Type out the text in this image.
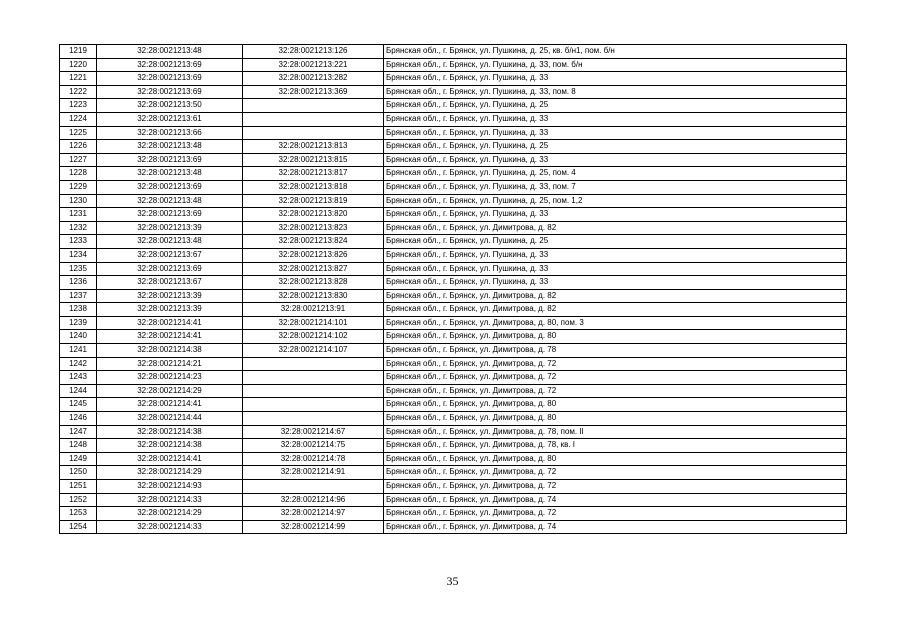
1219	32:28:0021213:48	32:28:0021213:126	Брянская обл., г. Брянск, ул. Пушкина, д. 25, кв. б/н1, пом. б/н
1220	32:28:0021213:69	32:28:0021213:221	Брянская обл., г. Брянск, ул. Пушкина, д. 33, пом. б/н
1221	32:28:0021213:69	32:28:0021213:282	Брянская обл., г. Брянск, ул. Пушкина, д. 33
1222	32:28:0021213:69	32:28:0021213:369	Брянская обл., г. Брянск, ул. Пушкина, д. 33, пом. 8
1223	32:28:0021213:50		Брянская обл., г. Брянск, ул. Пушкина, д. 25
1224	32:28:0021213:61		Брянская обл., г. Брянск, ул. Пушкина, д. 33
1225	32:28:0021213:66		Брянская обл., г. Брянск, ул. Пушкина, д. 33
1226	32:28:0021213:48	32:28:0021213:813	Брянская обл., г. Брянск, ул. Пушкина, д. 25
1227	32:28:0021213:69	32:28:0021213:815	Брянская обл., г. Брянск, ул. Пушкина, д. 33
1228	32:28:0021213:48	32:28:0021213:817	Брянская обл., г. Брянск, ул. Пушкина, д. 25, пом. 4
1229	32:28:0021213:69	32:28:0021213:818	Брянская обл., г. Брянск, ул. Пушкина, д. 33, пом. 7
1230	32:28:0021213:48	32:28:0021213:819	Брянская обл., г. Брянск, ул. Пушкина, д. 25, пом. 1,2
1231	32:28:0021213:69	32:28:0021213:820	Брянская обл., г. Брянск, ул. Пушкина, д. 33
1232	32:28:0021213:39	32:28:0021213:823	Брянская обл., г. Брянск, ул. Димитрова, д. 82
1233	32:28:0021213:48	32:28:0021213:824	Брянская обл., г. Брянск, ул. Пушкина, д. 25
1234	32:28:0021213:67	32:28:0021213:826	Брянская обл., г. Брянск, ул. Пушкина, д. 33
1235	32:28:0021213:69	32:28:0021213:827	Брянская обл., г. Брянск, ул. Пушкина, д. 33
1236	32:28:0021213:67	32:28:0021213:828	Брянская обл., г. Брянск, ул. Пушкина, д. 33
1237	32:28:0021213:39	32:28:0021213:830	Брянская обл., г. Брянск, ул. Димитрова, д. 82
1238	32:28:0021213:39	32:28:0021213:91	Брянская обл., г. Брянск, ул. Димитрова, д. 82
1239	32:28:0021214:41	32:28:0021214:101	Брянская обл., г. Брянск, ул. Димитрова, д. 80, пом. 3
1240	32:28:0021214:41	32:28:0021214:102	Брянская обл., г. Брянск, ул. Димитрова, д. 80
1241	32:28:0021214:38	32:28:0021214:107	Брянская обл., г. Брянск, ул. Димитрова, д. 78
1242	32:28:0021214:21		Брянская обл., г. Брянск, ул. Димитрова, д. 72
1243	32:28:0021214:23		Брянская обл., г. Брянск, ул. Димитрова, д. 72
1244	32:28:0021214:29		Брянская обл., г. Брянск, ул. Димитрова, д. 72
1245	32:28:0021214:41		Брянская обл., г. Брянск, ул. Димитрова, д. 80
1246	32:28:0021214:44		Брянская обл., г. Брянск, ул. Димитрова, д. 80
1247	32:28:0021214:38	32:28:0021214:67	Брянская обл., г. Брянск, ул. Димитрова, д. 78, пом. II
1248	32:28:0021214:38	32:28:0021214:75	Брянская обл., г. Брянск, ул. Димитрова, д. 78, кв. I
1249	32:28:0021214:41	32:28:0021214:78	Брянская обл., г. Брянск, ул. Димитрова, д. 80
1250	32:28:0021214:29	32:28:0021214:91	Брянская обл., г. Брянск, ул. Димитрова, д. 72
1251	32:28:0021214:93		Брянская обл., г. Брянск, ул. Димитрова, д. 72
1252	32:28:0021214:33	32:28:0021214:96	Брянская обл., г. Брянск, ул. Димитрова, д. 74
1253	32:28:0021214:29	32:28:0021214:97	Брянская обл., г. Брянск, ул. Димитрова, д. 72
1254	32:28:0021214:33	32:28:0021214:99	Брянская обл., г. Брянск, ул. Димитрова, д. 74
35
